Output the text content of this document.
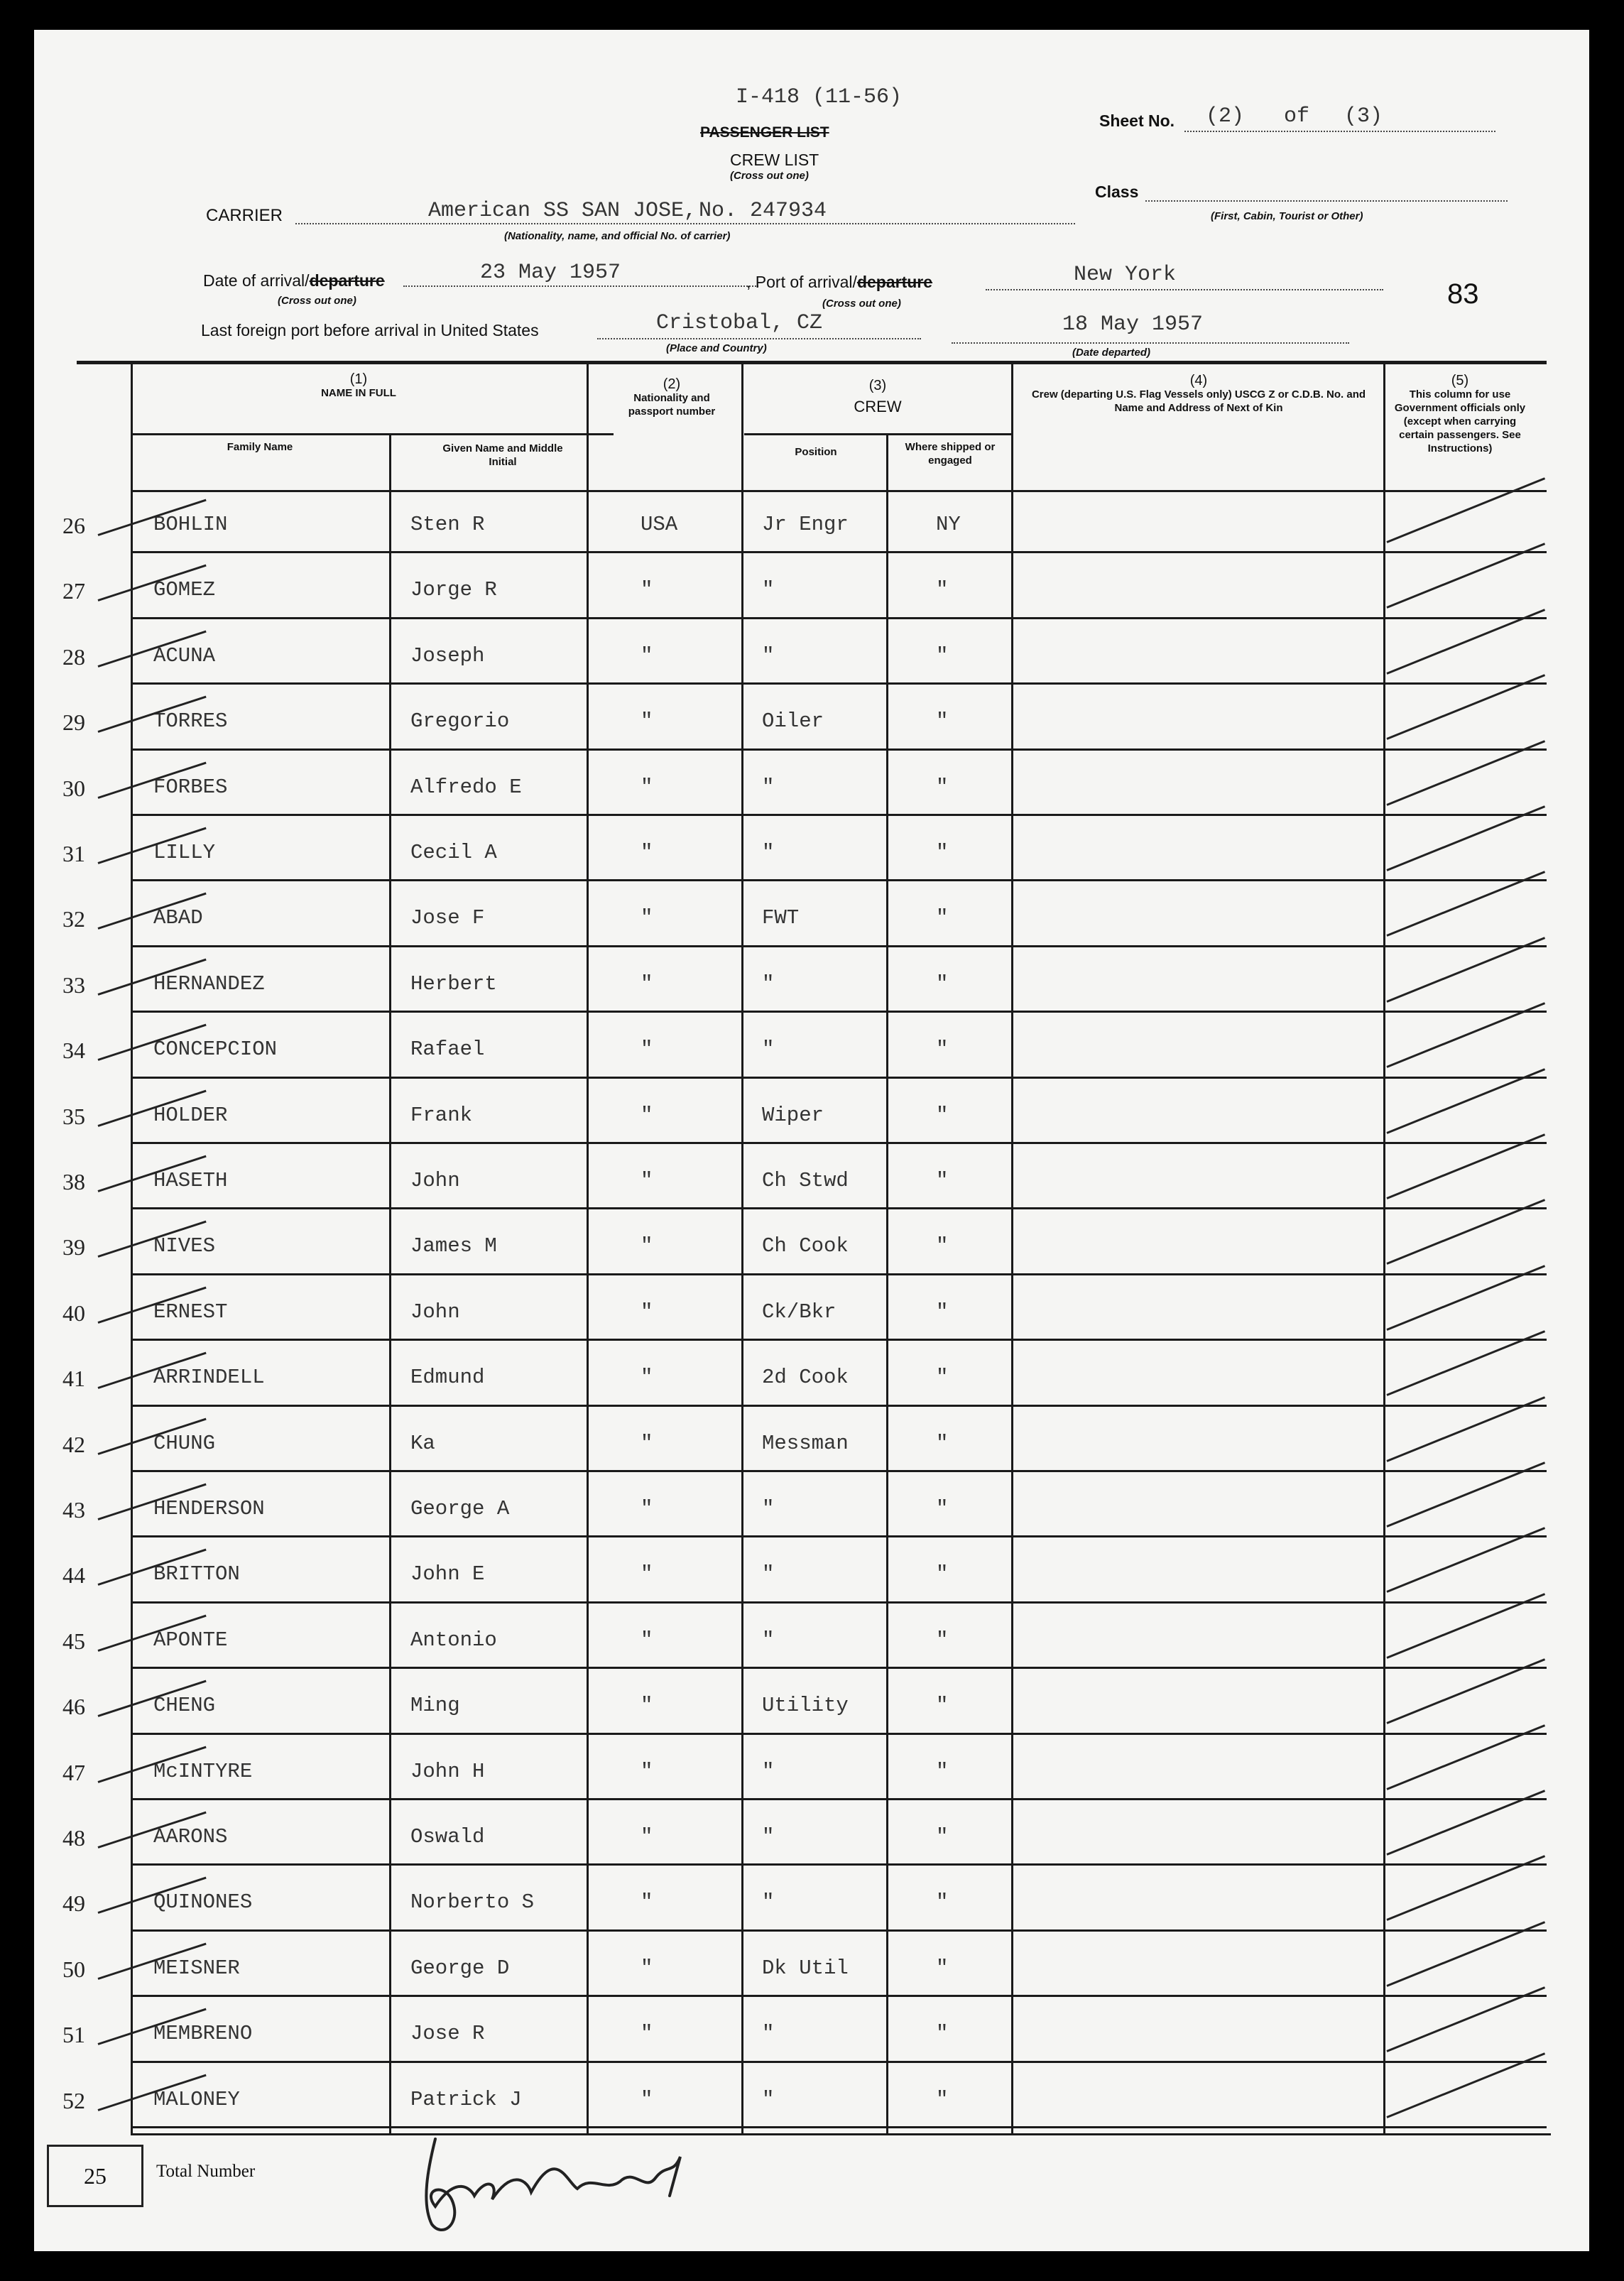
I-418 (11-56)
PASSENGER LIST
CREW LIST
(Cross out one)
Sheet No. (2) of (3)
Class
(First, Cabin, Tourist or Other)
CARRIER	American SS SAN JOSE, No. 247934
(Nationality, name, and official No. of carrier)
Date of arrival/departure	23 May 1957
(Cross out one)
, Port of arrival/departure	New York
(Cross out one)	83
Last foreign port before arrival in United States	Cristobal, CZ
(Place and Country)
18 May 1957
(Date departed)
(1)
NAME IN FULL
Family Name	Given Name and Middle Initial
(2)
Nationality and passport number
(3)
CREW
Position	Where shipped or engaged
(4)
Crew (departing U.S. Flag Vessels only) USCG Z or C.D.B. No. and Name and Address of Next of Kin
(5)
This column for use Government officials only (except when carrying certain passengers. See Instructions)
26	BOHLIN	Sten R	USA	Jr Engr	NY
27	GOMEZ	Jorge R	"	"	"
28	ACUNA	Joseph	"	"	"
29	TORRES	Gregorio	"	Oiler	"
30	FORBES	Alfredo E	"	"	"
31	LILLY	Cecil A	"	"	"
32	ABAD	Jose F	"	FWT	"
33	HERNANDEZ	Herbert	"	"	"
34	CONCEPCION	Rafael	"	"	"
35	HOLDER	Frank	"	Wiper	"
38	HASETH	John	"	Ch Stwd	"
39	NIVES	James M	"	Ch Cook	"
40	ERNEST	John	"	Ck/Bkr	"
41	ARRINDELL	Edmund	"	2d Cook	"
42	CHUNG	Ka	"	Messman	"
43	HENDERSON	George A	"	"	"
44	BRITTON	John E	"	"	"
45	APONTE	Antonio	"	"	"
46	CHENG	Ming	"	Utility	"
47	McINTYRE	John H	"	"	"
48	AARONS	Oswald	"	"	"
49	QUINONES	Norberto S	"	"	"
50	MEISNER	George D	"	Dk Util	"
51	MEMBRENO	Jose R	"	"	"
52	MALONEY	Patrick J	"	"	"
25	Total Number
